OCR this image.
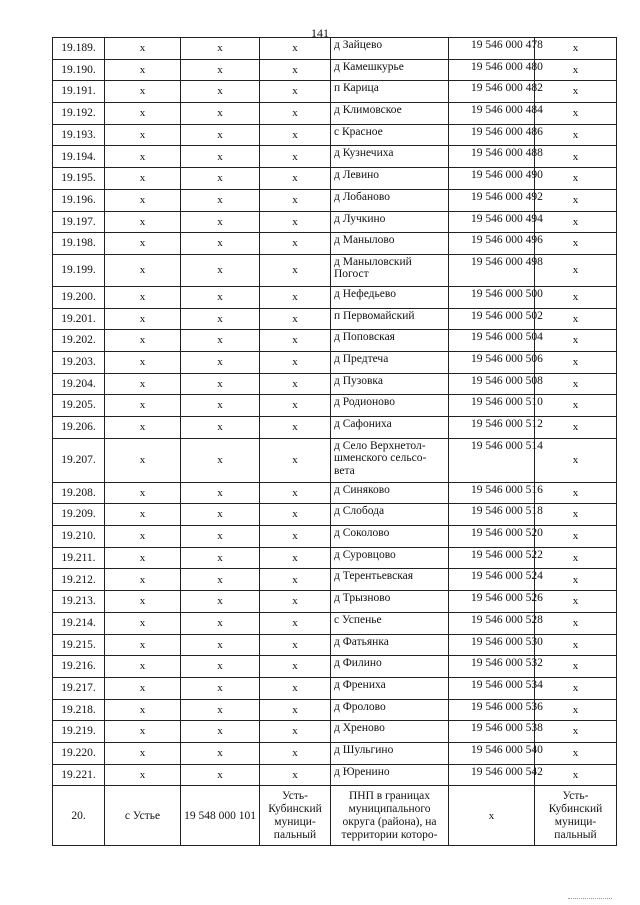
141
19.189.	x	x	x	д Зайцево	19 546 000 478	x
19.190.	x	x	x	д Камешкурье	19 546 000 480	x
19.191.	x	x	x	п Карица	19 546 000 482	x
19.192.	x	x	x	д Климовское	19 546 000 484	x
19.193.	x	x	x	с Красное	19 546 000 486	x
19.194.	x	x	x	д Кузнечиха	19 546 000 488	x
19.195.	x	x	x	д Левино	19 546 000 490	x
19.196.	x	x	x	д Лобаново	19 546 000 492	x
19.197.	x	x	x	д Лучкино	19 546 000 494	x
19.198.	x	x	x	д Манылово	19 546 000 496	x
19.199.	x	x	x	д Маныловский Погост	19 546 000 498	x
19.200.	x	x	x	д Нефедьево	19 546 000 500	x
19.201.	x	x	x	п Первомайский	19 546 000 502	x
19.202.	x	x	x	д Поповская	19 546 000 504	x
19.203.	x	x	x	д Предтеча	19 546 000 506	x
19.204.	x	x	x	д Пузовка	19 546 000 508	x
19.205.	x	x	x	д Родионово	19 546 000 510	x
19.206.	x	x	x	д Сафониха	19 546 000 512	x
19.207.	x	x	x	д Село Верхнетол-шменского сельсо-вета	19 546 000 514	x
19.208.	x	x	x	д Синяково	19 546 000 516	x
19.209.	x	x	x	д Слобода	19 546 000 518	x
19.210.	x	x	x	д Соколово	19 546 000 520	x
19.211.	x	x	x	д Суровцово	19 546 000 522	x
19.212.	x	x	x	д Терентьевская	19 546 000 524	x
19.213.	x	x	x	д Трызново	19 546 000 526	x
19.214.	x	x	x	с Успенье	19 546 000 528	x
19.215.	x	x	x	д Фатьянка	19 546 000 530	x
19.216.	x	x	x	д Филино	19 546 000 532	x
19.217.	x	x	x	д Френиха	19 546 000 534	x
19.218.	x	x	x	д Фролово	19 546 000 536	x
19.219.	x	x	x	д Хреново	19 546 000 538	x
19.220.	x	x	x	д Шульгино	19 546 000 540	x
19.221.	x	x	x	д Юренино	19 546 000 542	x
20.	с Устье	19 548 000 101	Усть-Кубинский муници-пальный	ПНП в границах муниципального округа (района), на территории которо-	x	Усть-Кубинский муници-пальный
